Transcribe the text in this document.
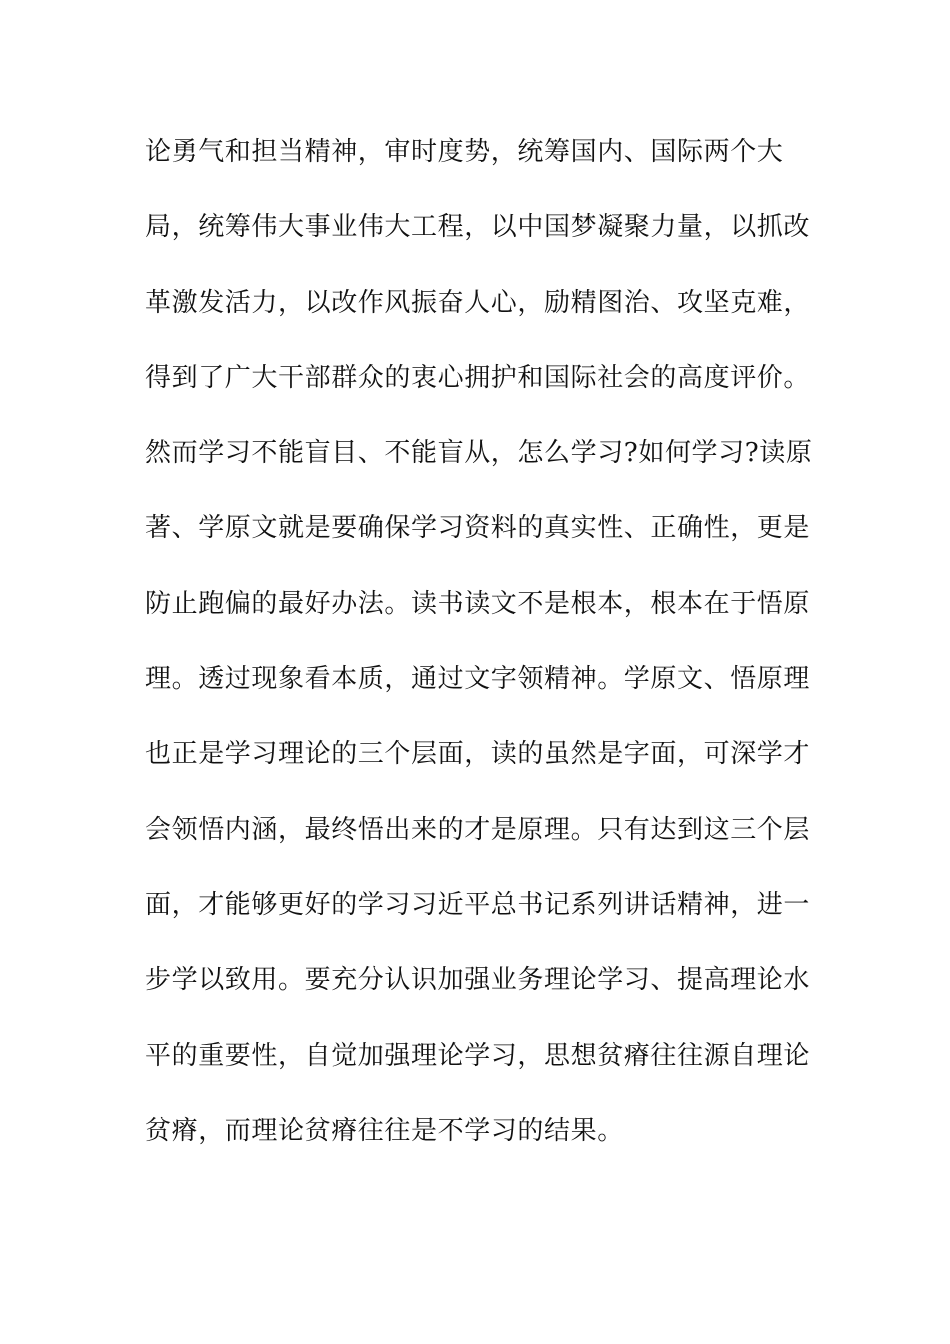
论勇气和担当精神，审时度势，统筹国内、国际两个大
局，统筹伟大事业伟大工程，以中国梦凝聚力量，以抓改
革激发活力，以改作风振奋人心，励精图治、攻坚克难，
得到了广大干部群众的衷心拥护和国际社会的高度评价。
然而学习不能盲目、不能盲从，怎么学习?如何学习?读原
著、学原文就是要确保学习资料的真实性、正确性，更是
防止跑偏的最好办法。读书读文不是根本，根本在于悟原
理。透过现象看本质，通过文字领精神。学原文、悟原理
也正是学习理论的三个层面，读的虽然是字面，可深学才
会领悟内涵，最终悟出来的才是原理。只有达到这三个层
面，才能够更好的学习习近平总书记系列讲话精神，进一
步学以致用。要充分认识加强业务理论学习、提高理论水
平的重要性，自觉加强理论学习，思想贫瘠往往源自理论
贫瘠，而理论贫瘠往往是不学习的结果。
